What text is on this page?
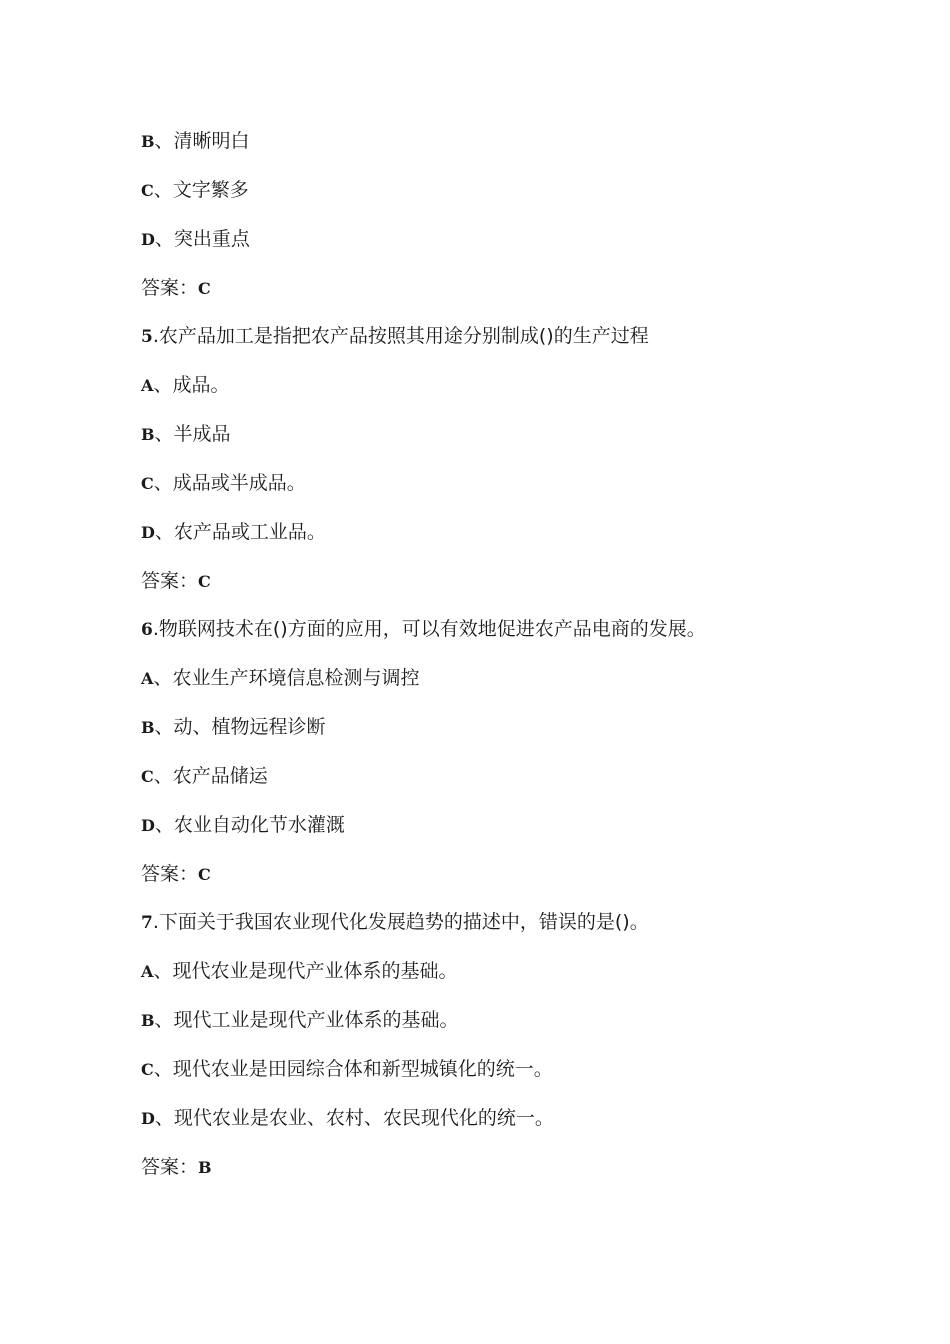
B、清晰明白
C、文字繁多
D、突出重点
答案：C
5.农产品加工是指把农产品按照其用途分别制成()的生产过程
A、成品。
B、半成品
C、成品或半成品。
D、农产品或工业品。
答案：C
6.物联网技术在()方面的应用，可以有效地促进农产品电商的发展。
A、农业生产环境信息检测与调控
B、动、植物远程诊断
C、农产品储运
D、农业自动化节水灌溉
答案：C
7.下面关于我国农业现代化发展趋势的描述中，错误的是()。
A、现代农业是现代产业体系的基础。
B、现代工业是现代产业体系的基础。
C、现代农业是田园综合体和新型城镇化的统一。
D、现代农业是农业、农村、农民现代化的统一。
答案：B
